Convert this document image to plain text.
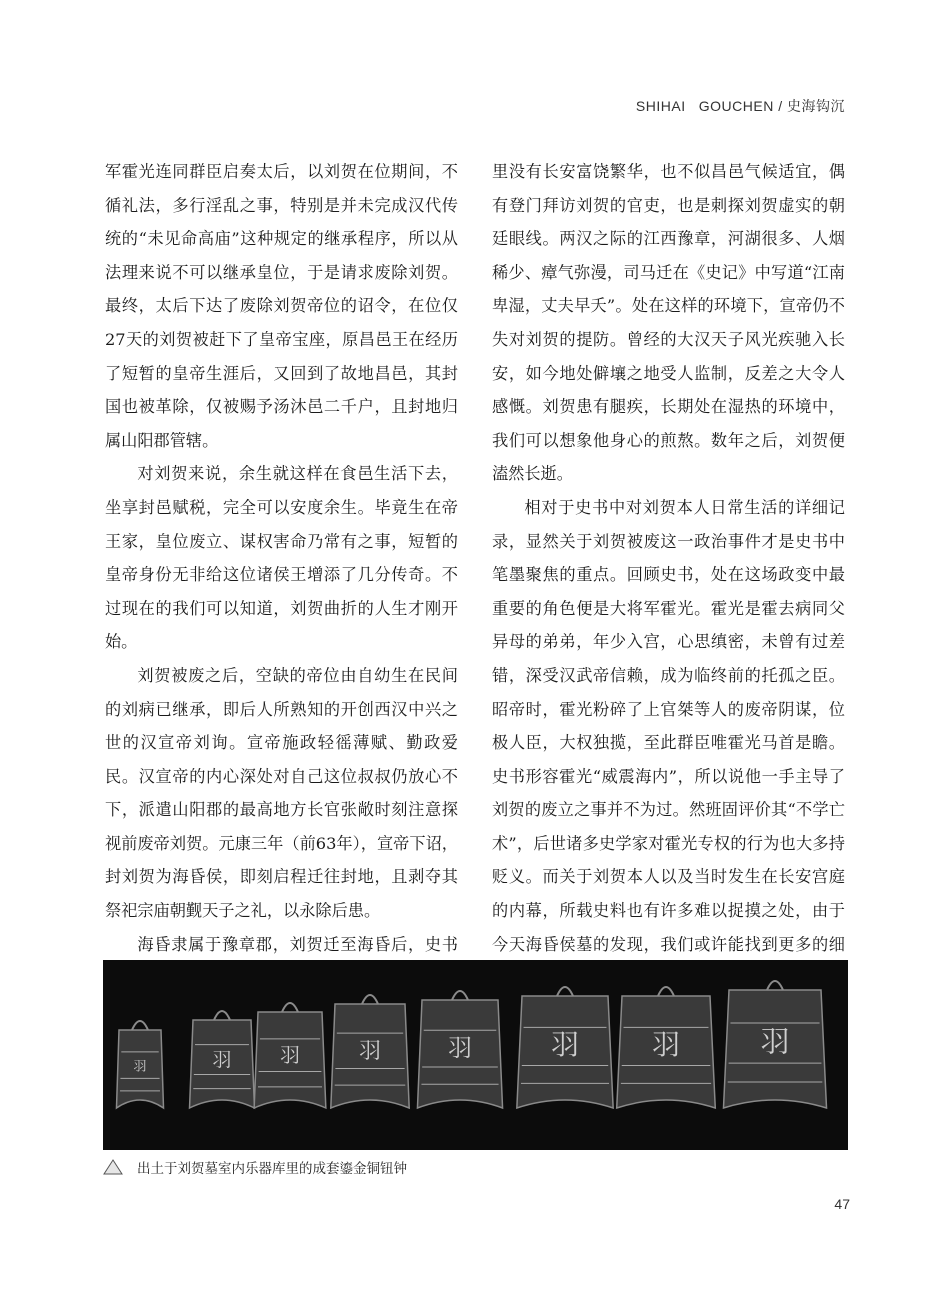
SHIHAI   GOUCHEN / 史海钩沉

军霍光连同群臣启奏太后，以刘贺在位期间，不循礼法，多行淫乱之事，特别是并未完成汉代传统的“未见命高庙”这种规定的继承程序，所以从法理来说不可以继承皇位，于是请求废除刘贺。最终，太后下达了废除刘贺帝位的诏令，在位仅27天的刘贺被赶下了皇帝宝座，原昌邑王在经历了短暂的皇帝生涯后，又回到了故地昌邑，其封国也被革除，仅被赐予汤沐邑二千户，且封地归属山阳郡管辖。

对刘贺来说，余生就这样在食邑生活下去，坐享封邑赋税，完全可以安度余生。毕竟生在帝王家，皇位废立、谋权害命乃常有之事，短暂的皇帝身份无非给这位诸侯王增添了几分传奇。不过现在的我们可以知道，刘贺曲折的人生才刚开始。

刘贺被废之后，空缺的帝位由自幼生在民间的刘病已继承，即后人所熟知的开创西汉中兴之世的汉宣帝刘询。宣帝施政轻徭薄赋、勤政爱民。汉宣帝的内心深处对自己这位叔叔仍放心不下，派遣山阳郡的最高地方长官张敞时刻注意探视前废帝刘贺。元康三年（前63年），宣帝下诏，封刘贺为海昏侯，即刻启程迁往封地，且剥夺其祭祀宗庙朝觐天子之礼，以永除后患。

海昏隶属于豫章郡，刘贺迁至海昏后，史书

里没有长安富饶繁华，也不似昌邑气候适宜，偶有登门拜访刘贺的官吏，也是刺探刘贺虚实的朝廷眼线。两汉之际的江西豫章，河湖很多、人烟稀少、瘴气弥漫，司马迁在《史记》中写道“江南卑湿，丈夫早夭”。处在这样的环境下，宣帝仍不失对刘贺的提防。曾经的大汉天子风光疾驰入长安，如今地处僻壤之地受人监制，反差之大令人感慨。刘贺患有腿疾，长期处在湿热的环境中，我们可以想象他身心的煎熬。数年之后，刘贺便溘然长逝。

相对于史书中对刘贺本人日常生活的详细记录，显然关于刘贺被废这一政治事件才是史书中笔墨聚焦的重点。回顾史书，处在这场政变中最重要的角色便是大将军霍光。霍光是霍去病同父异母的弟弟，年少入宫，心思缜密，未曾有过差错，深受汉武帝信赖，成为临终前的托孤之臣。昭帝时，霍光粉碎了上官桀等人的废帝阴谋，位极人臣，大权独揽，至此群臣唯霍光马首是瞻。史书形容霍光“威震海内”，所以说他一手主导了刘贺的废立之事并不为过。然班固评价其“不学亡术”，后世诸多史学家对霍光专权的行为也大多持贬义。而关于刘贺本人以及当时发生在长安宫庭的内幕，所载史料也有许多难以捉摸之处，由于今天海昏侯墓的发现，我们或许能找到更多的细

羽	羽 羽	羽	羽	羽	羽	羽
出土于刘贺墓室内乐器库里的成套鎏金铜钮钟
47
